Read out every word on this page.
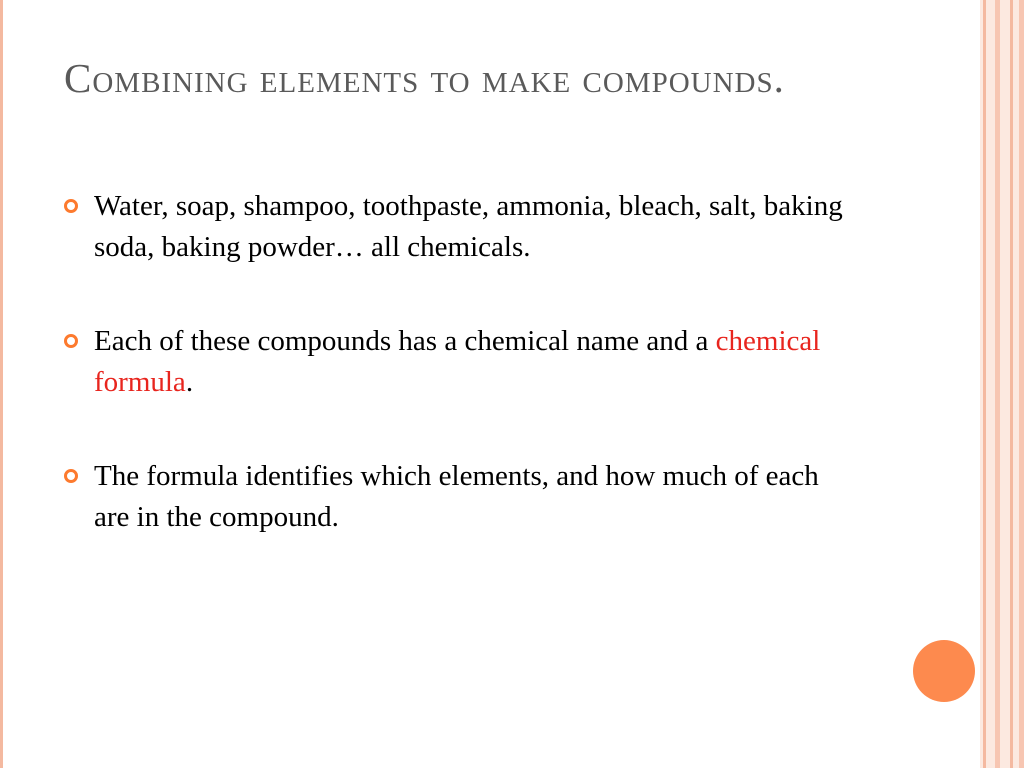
Combining elements to make compounds.
Water, soap, shampoo, toothpaste, ammonia, bleach, salt, baking soda, baking powder… all chemicals.
Each of these compounds has a chemical name and a chemical formula.
The formula identifies which elements, and how much of each are in the compound.
